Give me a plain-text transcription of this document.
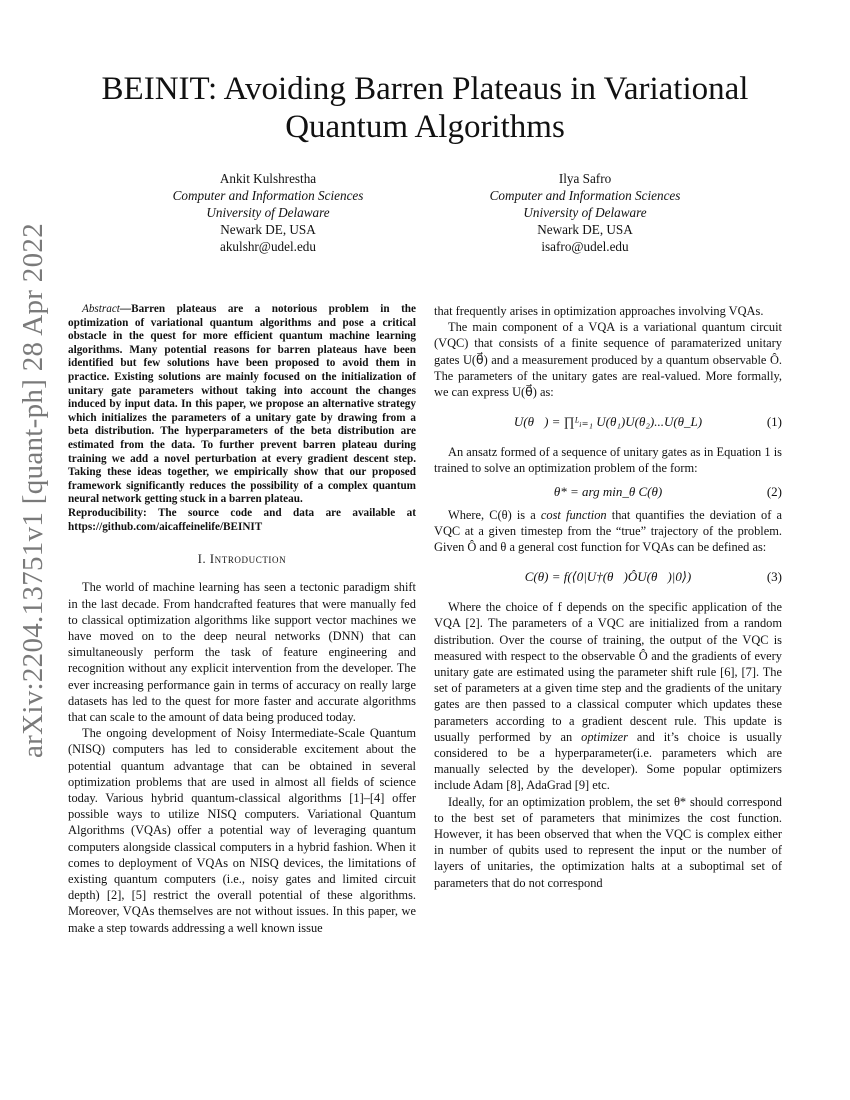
arXiv:2204.13751v1 [quant-ph] 28 Apr 2022
BEINIT: Avoiding Barren Plateaus in Variational Quantum Algorithms
Ankit Kulshrestha
Computer and Information Sciences
University of Delaware
Newark DE, USA
akulshr@udel.edu
Ilya Safro
Computer and Information Sciences
University of Delaware
Newark DE, USA
isafro@udel.edu

Abstract—Barren plateaus are a notorious problem in the optimization of variational quantum algorithms and pose a critical obstacle in the quest for more efficient quantum machine learning algorithms. Many potential reasons for barren plateaus have been identified but few solutions have been proposed to avoid them in practice. Existing solutions are mainly focused on the initialization of unitary gate parameters without taking into account the changes induced by input data. In this paper, we propose an alternative strategy which initializes the parameters of a unitary gate by drawing from a beta distribution. The hyperparameters of the beta distribution are estimated from the data. To further prevent barren plateau during training we add a novel perturbation at every gradient descent step. Taking these ideas together, we empirically show that our proposed framework significantly reduces the possibility of a complex quantum neural network getting stuck in a barren plateau.

Reproducibility: The source code and data are available at https://github.com/aicaffeinelife/BEINIT

I. Introduction

The world of machine learning has seen a tectonic paradigm shift in the last decade. From handcrafted features that were manually fed to classical optimization algorithms like support vector machines we have moved on to the deep neural networks (DNN) that can simultaneously perform the task of feature engineering and recognition without any explicit intervention from the developer. The ever increasing performance gain in terms of accuracy on really large datasets has led to the quest for more faster and accurate algorithms that can scale to the amount of data being produced today.

The ongoing development of Noisy Intermediate-Scale Quantum (NISQ) computers has led to considerable excitement about the potential quantum advantage that can be obtained in several optimization problems that are used in almost all fields of science today. Various hybrid quantum-classical algorithms [1]–[4] offer possible ways to utilize NISQ computers. Variational Quantum Algorithms (VQAs) offer a potential way of leveraging quantum computers alongside classical computers in a hybrid fashion. When it comes to deployment of VQAs on NISQ devices, the limitations of existing quantum computers (i.e., noisy gates and limited circuit depth) [2], [5] restrict the overall potential of these algorithms. Moreover, VQAs themselves are not without issues. In this paper, we make a step towards addressing a well known issue

that frequently arises in optimization approaches involving VQAs.

The main component of a VQA is a variational quantum circuit (VQC) that consists of a finite sequence of paramaterized unitary gates U(θ⃗) and a measurement produced by a quantum observable Ô. The parameters of the unitary gates are real-valued. More formally, we can express U(θ⃗) as:

U(θ⃗) = ∏ᴸᵢ₌₁ U(θ₁)U(θ₂)...U(θ_L)	(1)

An ansatz formed of a sequence of unitary gates as in Equation 1 is trained to solve an optimization problem of the form:

θ* = arg min_θ C(θ)	(2)

Where, C(θ) is a cost function that quantifies the deviation of a VQC at a given timestep from the “true” trajectory of the problem. Given Ô and θ a general cost function for VQAs can be defined as:

C(θ) = f(⟨0|U†(θ⃗)ÔU(θ⃗)|0⟩)	(3)

Where the choice of f depends on the specific application of the VQA [2]. The parameters of a VQC are initialized from a random distribution. Over the course of training, the output of the VQC is measured with respect to the observable Ô and the gradients of every unitary gate are estimated using the parameter shift rule [6], [7]. The set of parameters at a given time step and the gradients of the unitary gates are then passed to a classical computer which updates these parameters according to a gradient descent rule. This update is usually performed by an optimizer and it’s choice is usually considered to be a hyperparameter(i.e. parameters which are manually selected by the developer). Some popular optimizers include Adam [8], AdaGrad [9] etc.

Ideally, for an optimization problem, the set θ* should correspond to the best set of parameters that minimizes the cost function. However, it has been observed that when the VQC is complex either in number of qubits used to represent the input or the number of layers of unitaries, the optimization halts at a suboptimal set of parameters that do not correspond
